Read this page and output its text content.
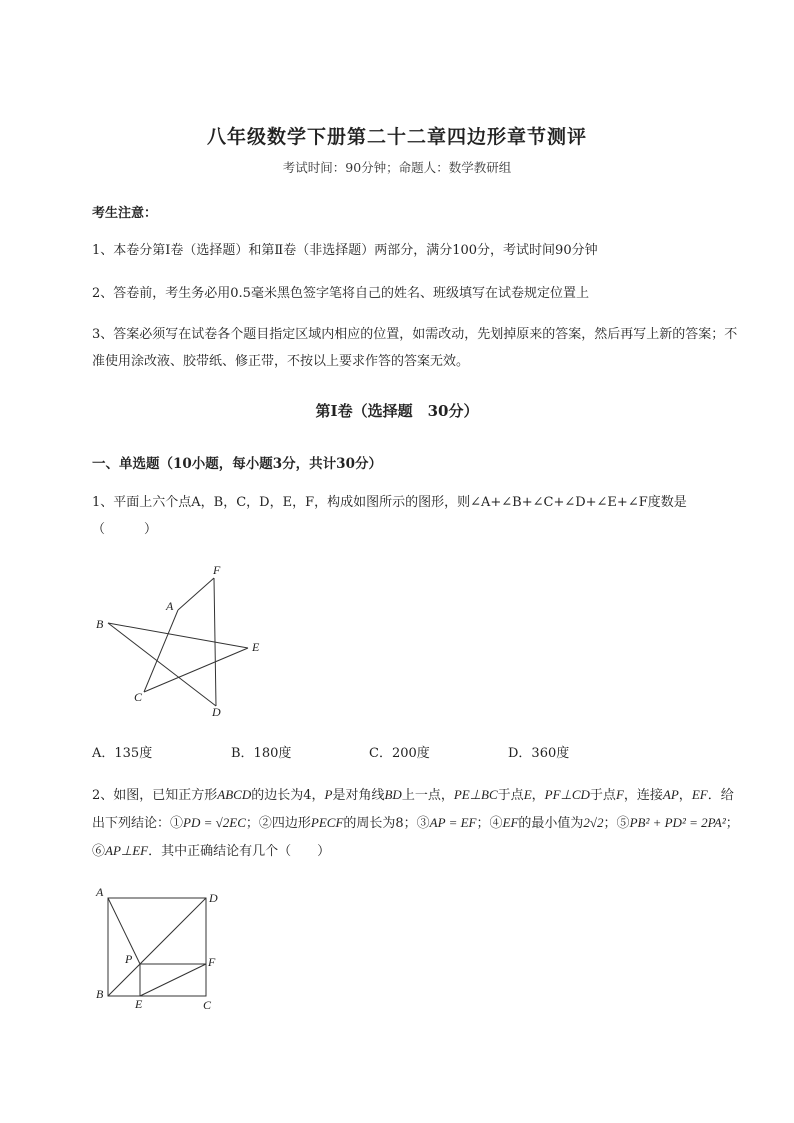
八年级数学下册第二十二章四边形章节测评
考试时间：90分钟；命题人：数学教研组
考生注意：
1、本卷分第Ⅰ卷（选择题）和第Ⅱ卷（非选择题）两部分，满分100分，考试时间90分钟
2、答卷前，考生务必用0.5毫米黑色签字笔将自己的姓名、班级填写在试卷规定位置上
3、答案必须写在试卷各个题目指定区域内相应的位置，如需改动，先划掉原来的答案，然后再写上新的答案；不准使用涂改液、胶带纸、修正带，不按以上要求作答的答案无效。
第Ⅰ卷（选择题　30分）
一、单选题（10小题，每小题3分，共计30分）
1、平面上六个点A，B，C，D，E，F，构成如图所示的图形，则∠A+∠B+∠C+∠D+∠E+∠F度数是（　　　）
F
A
B
E
C
D
A．135度	B．180度	C．200度	D．360度
2、如图，已知正方形ABCD的边长为4，P是对角线BD上一点，PE⊥BC于点E，PF⊥CD于点F，连接AP，EF．给出下列结论：①PD = √2EC；②四边形PECF的周长为8；③AP = EF；④EF的最小值为2√2；⑤PB² + PD² = 2PA²；⑥AP⊥EF．其中正确结论有几个（　　）
A	D
P	F
B
E	C
